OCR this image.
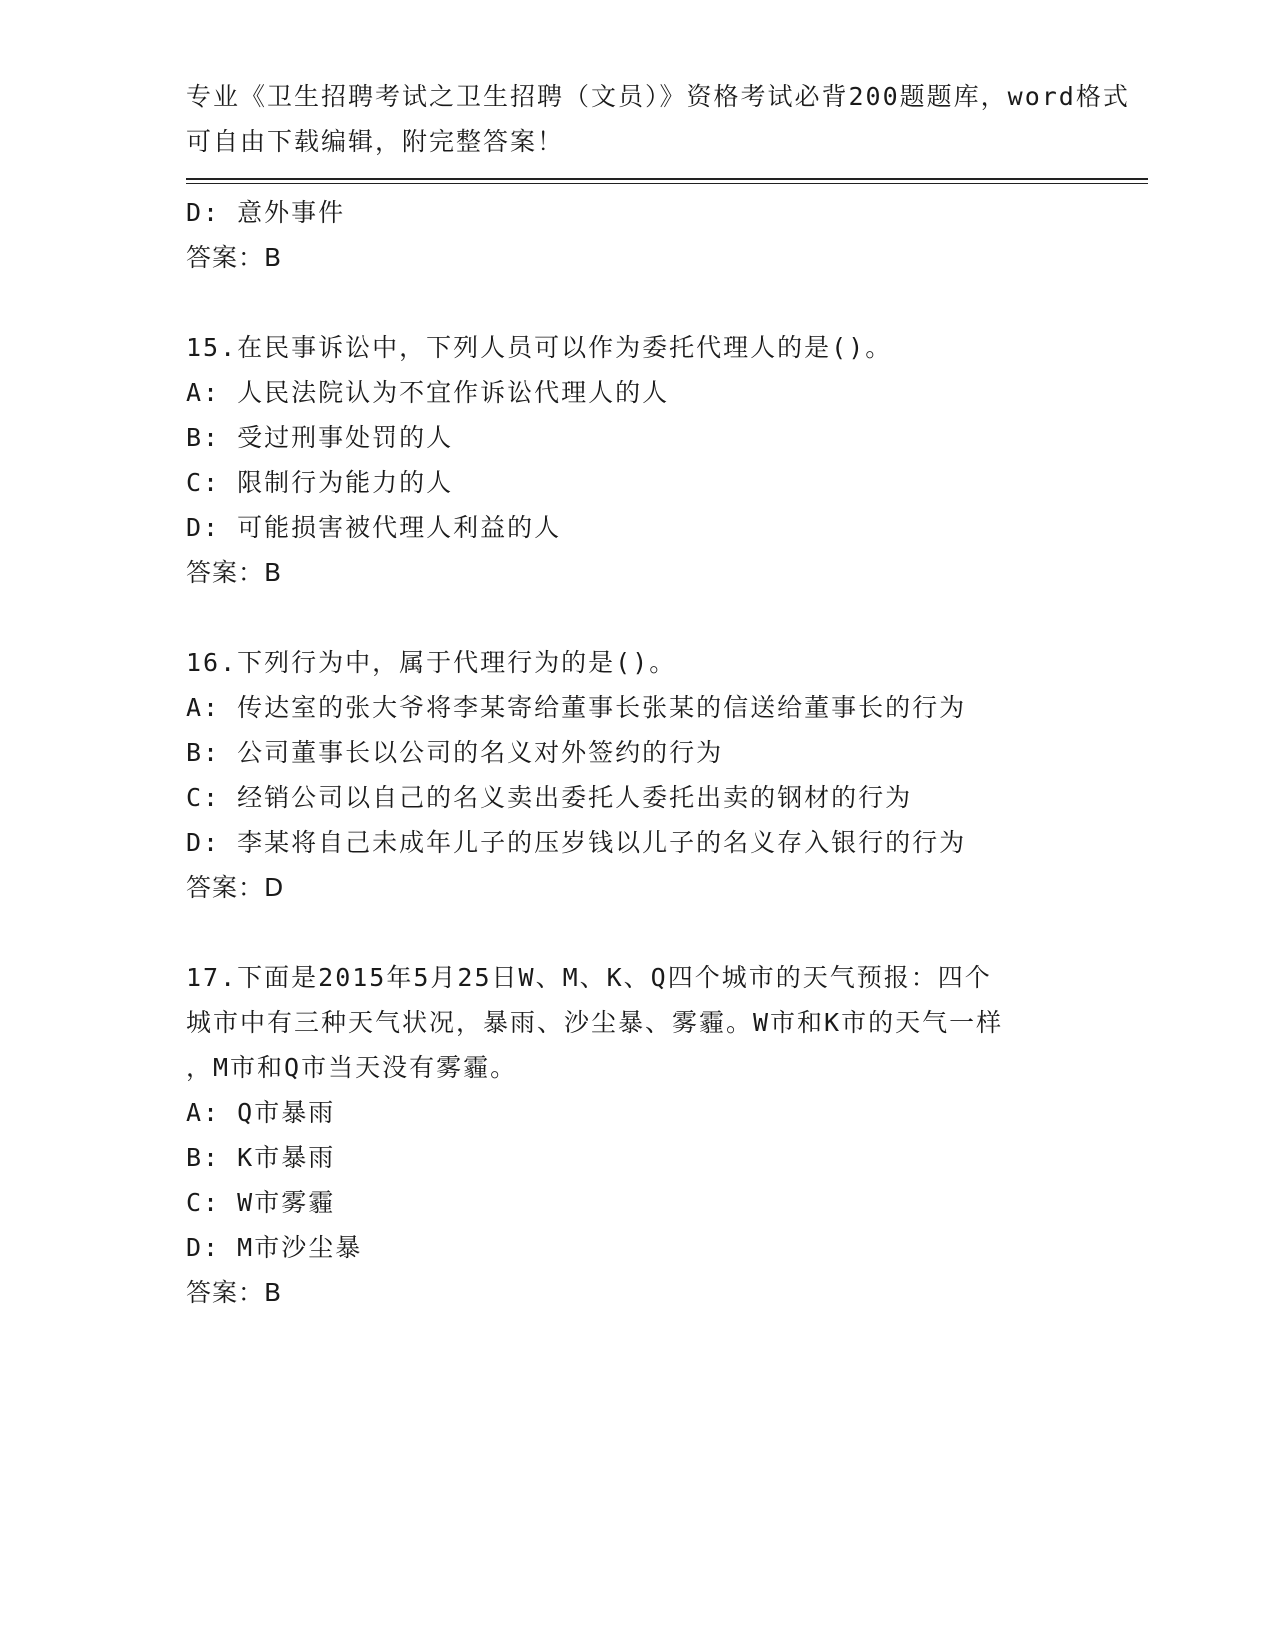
专业《卫生招聘考试之卫生招聘（文员）》资格考试必背200题题库，word格式
可自由下载编辑，附完整答案！
D: 意外事件
答案：B
15.在民事诉讼中，下列人员可以作为委托代理人的是()。
A: 人民法院认为不宜作诉讼代理人的人
B: 受过刑事处罚的人
C: 限制行为能力的人
D: 可能损害被代理人利益的人
答案：B
16.下列行为中，属于代理行为的是()。
A: 传达室的张大爷将李某寄给董事长张某的信送给董事长的行为
B: 公司董事长以公司的名义对外签约的行为
C: 经销公司以自己的名义卖出委托人委托出卖的钢材的行为
D: 李某将自己未成年儿子的压岁钱以儿子的名义存入银行的行为
答案：D
17.下面是2015年5月25日W、M、K、Q四个城市的天气预报：四个
城市中有三种天气状况，暴雨、沙尘暴、雾霾。W市和K市的天气一样
，M市和Q市当天没有雾霾。
A: Q市暴雨
B: K市暴雨
C: W市雾霾
D: M市沙尘暴
答案：B
